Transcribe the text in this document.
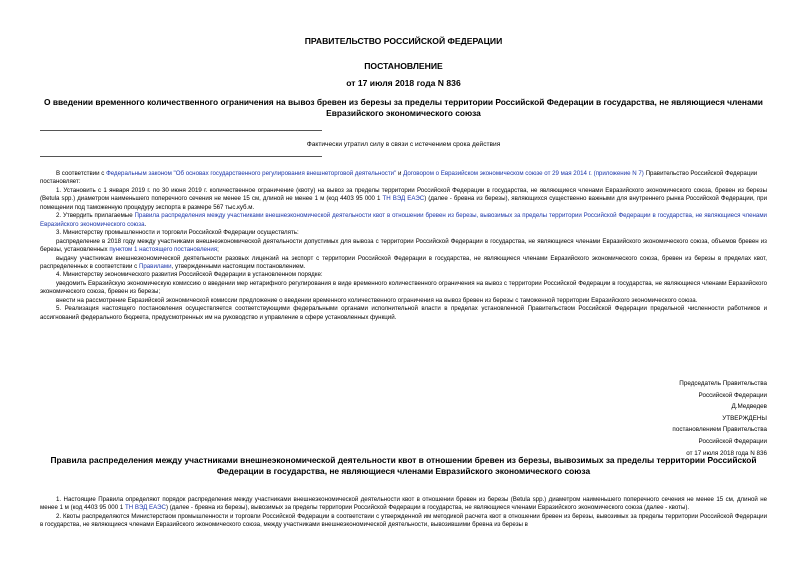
ПРАВИТЕЛЬСТВО РОССИЙСКОЙ ФЕДЕРАЦИИ
ПОСТАНОВЛЕНИЕ
от 17 июля 2018 года N 836
О введении временного количественного ограничения на вывоз бревен из березы за пределы территории Российской Федерации в государства, не являющиеся членами Евразийского экономического союза
Фактически утратил силу в связи с истечением срока действия

В соответствии с Федеральным законом "Об основах государственного регулирования внешнеторговой деятельности" и Договором о Евразийском экономическом союзе от 29 мая 2014 г. (приложение N 7) Правительство Российской Федерации

постановляет:

1. Установить с 1 января 2019 г. по 30 июня 2019 г. количественное ограничение (квоту) на вывоз за пределы территории Российской Федерации в государства, не являющиеся членами Евразийского экономического союза, бревен из березы (Betula spp.) диаметром наименьшего поперечного сечения не менее 15 см, длиной не менее 1 м (код 4403 95 000 1 ТН ВЭД ЕАЭС) (далее - бревна из березы), являющихся существенно важными для внутреннего рынка Российской Федерации, при помещении под таможенную процедуру экспорта в размере 567 тыс.куб.м.

2. Утвердить прилагаемые Правила распределения между участниками внешнеэкономической деятельности квот в отношении бревен из березы, вывозимых за пределы территории Российской Федерации в государства, не являющиеся членами Евразийского экономического союза.

3. Министерству промышленности и торговли Российской Федерации осуществлять:

распределение в 2018 году между участниками внешнеэкономической деятельности допустимых для вывоза с территории Российской Федерации в государства, не являющиеся членами Евразийского экономического союза, объемов бревен из березы, установленных пунктом 1 настоящего постановления;

выдачу участникам внешнеэкономической деятельности разовых лицензий на экспорт с территории Российской Федерации в государства, не являющиеся членами Евразийского экономического союза, бревен из березы в пределах квот, распределенных в соответствии с Правилами, утвержденными настоящим постановлением.

4. Министерству экономического развития Российской Федерации в установленном порядке:

уведомить Евразийскую экономическую комиссию о введении мер нетарифного регулирования в виде временного количественного ограничения на вывоз с территории Российской Федерации в государства, не являющиеся членами Евразийского экономического союза, бревен из березы;

внести на рассмотрение Евразийской экономической комиссии предложение о введении временного количественного ограничения на вывоз бревен из березы с таможенной территории Евразийского экономического союза.

5. Реализация настоящего постановления осуществляется соответствующими федеральными органами исполнительной власти в пределах установленной Правительством Российской Федерации предельной численности работников и ассигнований федерального бюджета, предусмотренных им на руководство и управление в сфере установленных функций.

Председатель Правительства
Российской Федерации
Д.Медведев
УТВЕРЖДЕНЫ
постановлением Правительства
Российской Федерации
от 17 июля 2018 года N 836
Правила распределения между участниками внешнеэкономической деятельности квот в отношении бревен из березы, вывозимых за пределы территории Российской Федерации в государства, не являющиеся членами Евразийского экономического союза

1. Настоящие Правила определяют порядок распределения между участниками внешнеэкономической деятельности квот в отношении бревен из березы (Betula spp.) диаметром наименьшего поперечного сечения не менее 15 см, длиной не менее 1 м (код 4403 95 000 1 ТН ВЭД ЕАЭС) (далее - бревна из березы), вывозимых за пределы территории Российской Федерации в государства, не являющиеся членами Евразийского экономического союза (далее - квоты).

2. Квоты распределяются Министерством промышленности и торговли Российской Федерации в соответствии с утвержденной им методикой расчета квот в отношении бревен из березы, вывозимых за пределы территории Российской Федерации в государства, не являющиеся членами Евразийского экономического союза, между участниками внешнеэкономической деятельности, вывозившими бревна из березы в
